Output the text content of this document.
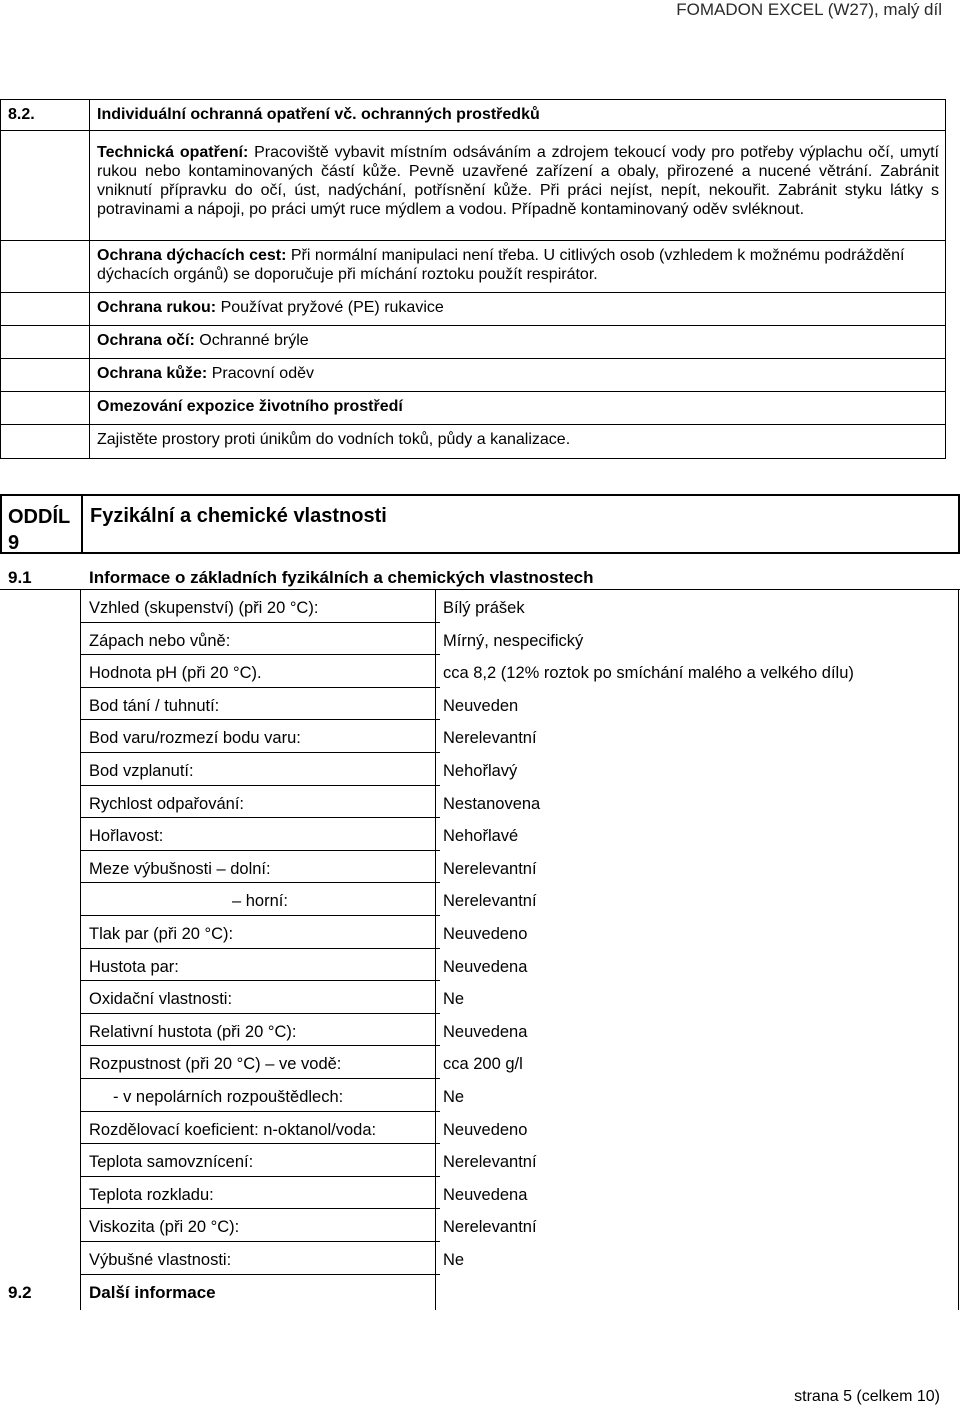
FOMADON EXCEL (W27), malý díl
8.2.	Individuální ochranná opatření vč. ochranných prostředků

Technická opatření: Pracoviště vybavit místním odsáváním a zdrojem tekoucí vody pro potřeby výplachu očí, umytí rukou nebo kontaminovaných částí kůže. Pevně uzavřené zařízení a obaly, přirozené a nucené větrání. Zabránit vniknutí přípravku do očí, úst, nadýchání, potřísnění kůže. Při práci nejíst, nepít, nekouřit. Zabránit styku látky s potravinami a nápoji, po práci umýt ruce mýdlem a vodou. Případně kontaminovaný oděv svléknout.

Ochrana dýchacích cest: Při normální manipulaci není třeba. U citlivých osob (vzhledem k možnému podráždění dýchacích orgánů) se doporučuje při míchání roztoku použít respirátor.

Ochrana rukou: Používat pryžové (PE) rukavice
Ochrana očí: Ochranné brýle
Ochrana kůže: Pracovní oděv
Omezování expozice životního prostředí
Zajistěte prostory proti únikům do vodních toků, půdy a kanalizace.
ODDÍL 9
Fyzikální a chemické vlastnosti
9.1	Informace o základních fyzikálních a chemických vlastnostech
Vzhled (skupenství) (při 20 °C):	Bílý prášek
Zápach nebo vůně:	Mírný, nespecifický
Hodnota pH (při 20 °C).	cca 8,2 (12% roztok po smíchání malého a velkého dílu)
Bod tání / tuhnutí:	Neuveden
Bod varu/rozmezí bodu varu:	Nerelevantní
Bod vzplanutí:	Nehořlavý
Rychlost odpařování:	Nestanovena
Hořlavost:	Nehořlavé
Meze výbušnosti – dolní:	Nerelevantní
– horní:	Nerelevantní
Tlak par (při 20 °C):	Neuvedeno
Hustota par:	Neuvedena
Oxidační vlastnosti:	Ne
Relativní hustota (při 20 °C):	Neuvedena
Rozpustnost (při 20 °C) – ve vodě:	cca 200 g/l
- v nepolárních rozpouštědlech:	Ne
Rozdělovací koeficient: n-oktanol/voda:	Neuvedeno
Teplota samovznícení:	Nerelevantní
Teplota rozkladu:	Neuvedena
Viskozita (při 20 °C):	Nerelevantní
Výbušné vlastnosti:	Ne
9.2	Další informace
strana 5 (celkem 10)
